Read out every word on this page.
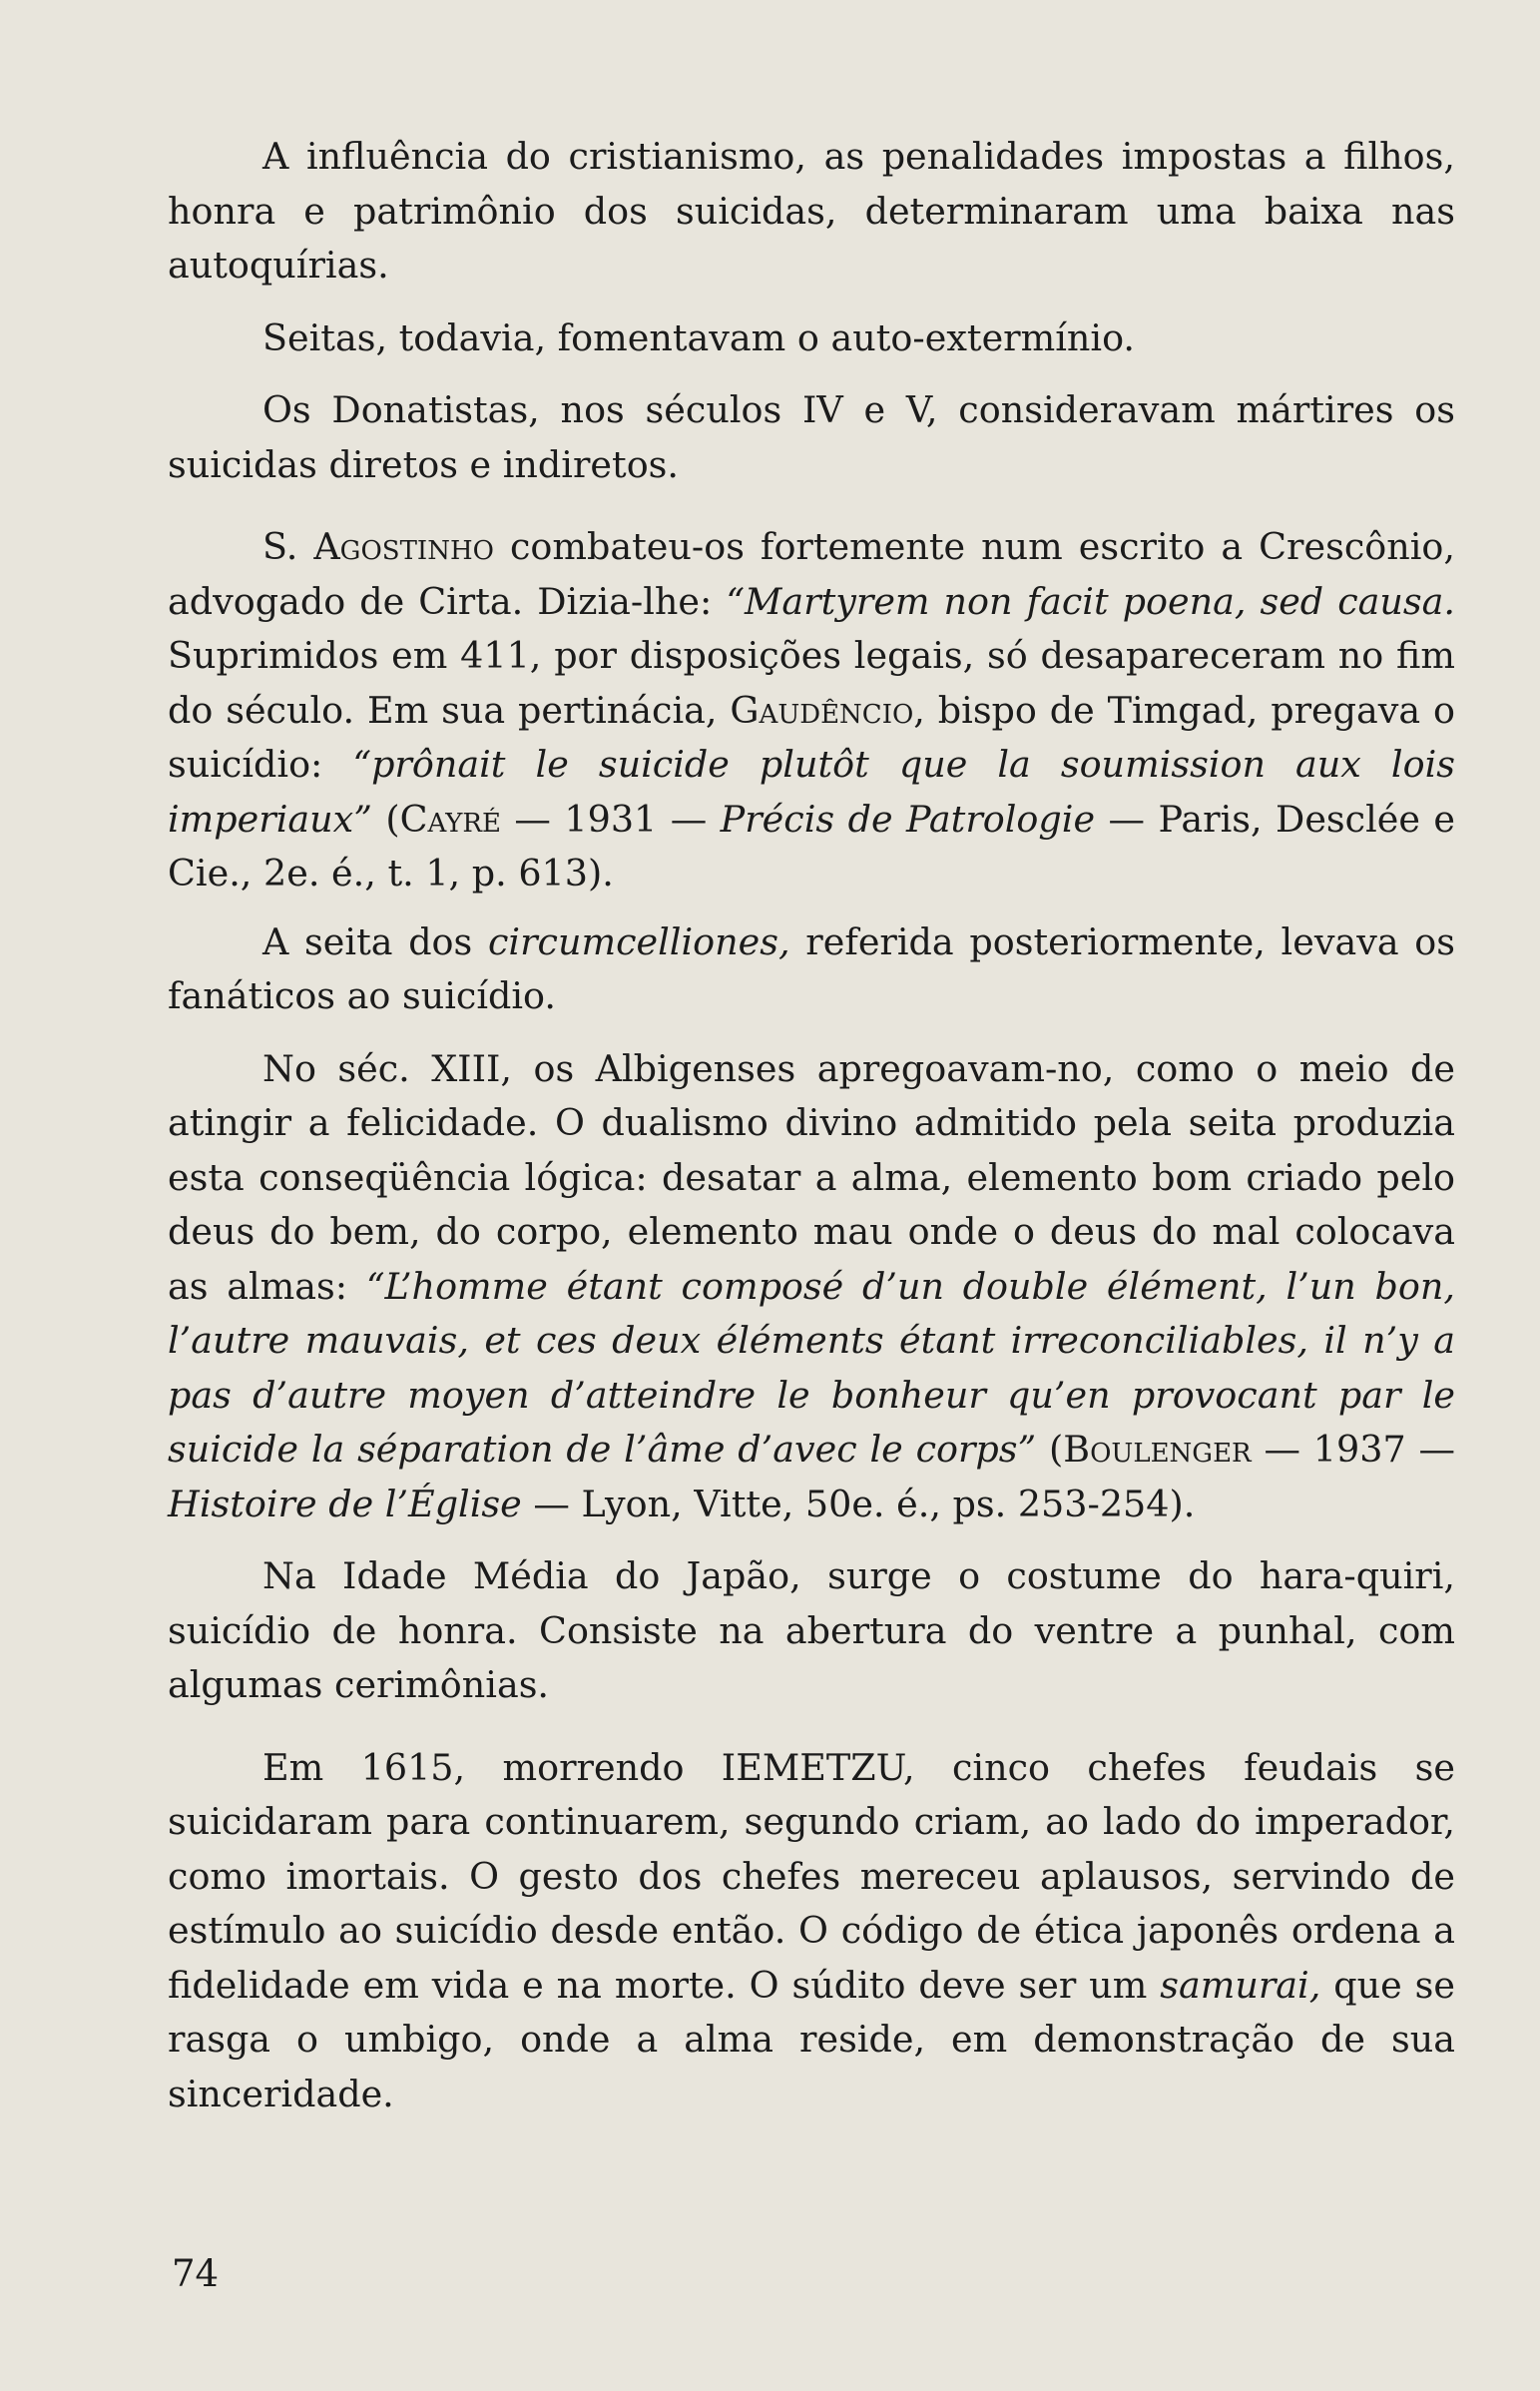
A influência do cristianismo, as penalidades impostas a filhos, honra e patrimônio dos suicidas, determinaram uma baixa nas autoquírias.

Seitas, todavia, fomentavam o auto-extermínio.

Os Donatistas, nos séculos IV e V, consideravam mártires os suicidas diretos e indiretos.

S. Agostinho combateu-os fortemente num escrito a Crescônio, advogado de Cirta. Dizia-lhe: “Martyrem non facit poena, sed causa. Suprimidos em 411, por disposições legais, só desapareceram no fim do século. Em sua pertinácia, Gaudêncio, bispo de Timgad, pregava o suicídio: “prônait le suicide plutôt que la soumission aux lois imperiaux” (Cayré — 1931 — Précis de Patrologie — Paris, Desclée e Cie., 2e. é., t. 1, p. 613).

A seita dos circumcelliones, referida posteriormente, levava os fanáticos ao suicídio.

No séc. XIII, os Albigenses apregoavam-no, como o meio de atingir a felicidade. O dualismo divino admitido pela seita produzia esta conseqüência lógica: desatar a alma, elemento bom criado pelo deus do bem, do corpo, elemento mau onde o deus do mal colocava as almas: “L’homme étant composé d’un double élément, l’un bon, l’autre mauvais, et ces deux éléments étant irreconciliables, il n’y a pas d’autre moyen d’atteindre le bonheur qu’en provocant par le suicide la séparation de l’âme d’avec le corps” (Boulenger — 1937 — Histoire de l’Église — Lyon, Vitte, 50e. é., ps. 253-254).

Na Idade Média do Japão, surge o costume do hara-quiri, suicídio de honra. Consiste na abertura do ventre a punhal, com algumas cerimônias.

Em 1615, morrendo IEMETZU, cinco chefes feudais se suicidaram para continuarem, segundo criam, ao lado do imperador, como imortais. O gesto dos chefes mereceu aplausos, servindo de estímulo ao suicídio desde então. O código de ética japonês ordena a fidelidade em vida e na morte. O súdito deve ser um samurai, que se rasga o umbigo, onde a alma reside, em demonstração de sua sinceridade.

74
